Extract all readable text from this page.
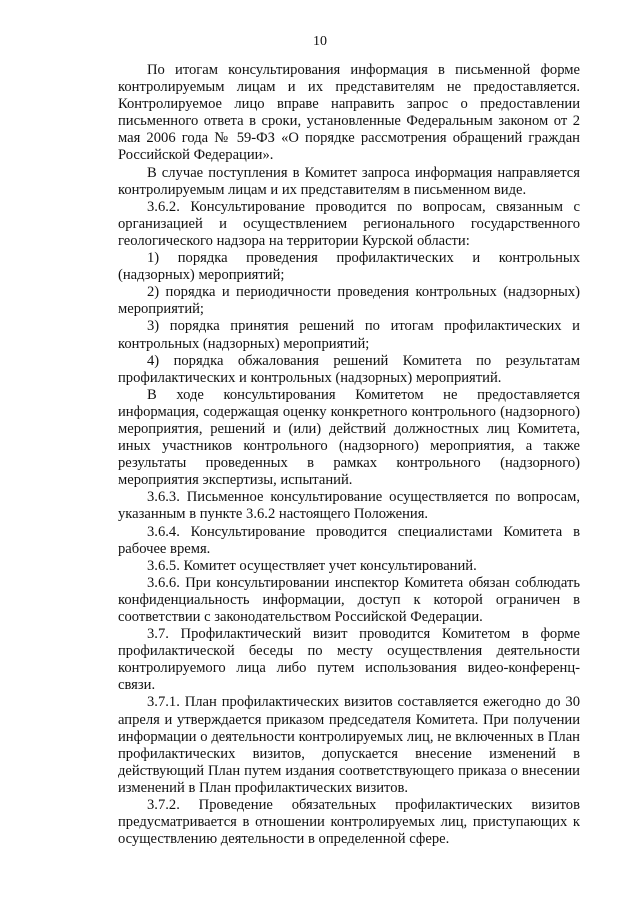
10

По итогам консультирования информация в письменной форме контролируемым лицам и их представителям не предоставляется. Контролируемое лицо вправе направить запрос о предоставлении письменного ответа в сроки, установленные Федеральным законом от 2 мая 2006 года № 59-ФЗ «О порядке рассмотрения обращений граждан Российской Федерации».

В случае поступления в Комитет запроса информация направляется контролируемым лицам и их представителям в письменном виде.

3.6.2. Консультирование проводится по вопросам, связанным с организацией и осуществлением регионального государственного геологического надзора на территории Курской области:

1) порядка проведения профилактических и контрольных (надзорных) мероприятий;

2) порядка и периодичности проведения контрольных (надзорных) мероприятий;

3) порядка принятия решений по итогам профилактических и контрольных (надзорных) мероприятий;

4) порядка обжалования решений Комитета по результатам профилактических и контрольных (надзорных) мероприятий.

В ходе консультирования Комитетом не предоставляется информация, содержащая оценку конкретного контрольного (надзорного) мероприятия, решений и (или) действий должностных лиц Комитета, иных участников контрольного (надзорного) мероприятия, а также результаты проведенных в рамках контрольного (надзорного) мероприятия экспертизы, испытаний.

3.6.3. Письменное консультирование осуществляется по вопросам, указанным в пункте 3.6.2 настоящего Положения.

3.6.4. Консультирование проводится специалистами Комитета в рабочее время.

3.6.5. Комитет осуществляет учет консультирований.

3.6.6. При консультировании инспектор Комитета обязан соблюдать конфиденциальность информации, доступ к которой ограничен в соответствии с законодательством Российской Федерации.

3.7. Профилактический визит проводится Комитетом в форме профилактической беседы по месту осуществления деятельности контролируемого лица либо путем использования видео-конференц-связи.

3.7.1. План профилактических визитов составляется ежегодно до 30 апреля и утверждается приказом председателя Комитета. При получении информации о деятельности контролируемых лиц, не включенных в План профилактических визитов, допускается внесение изменений в действующий План путем издания соответствующего приказа о внесении изменений в План профилактических визитов.

3.7.2. Проведение обязательных профилактических визитов предусматривается в отношении контролируемых лиц, приступающих к осуществлению деятельности в определенной сфере.
